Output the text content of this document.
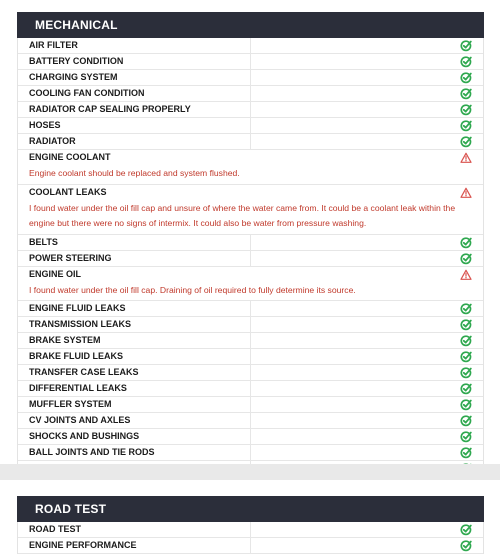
MECHANICAL
AIR FILTER
BATTERY CONDITION
CHARGING SYSTEM
COOLING FAN CONDITION
RADIATOR CAP SEALING PROPERLY
HOSES
RADIATOR
ENGINE COOLANT
Engine coolant should be replaced and system flushed.
COOLANT LEAKS
I found water under the oil fill cap and unsure of where the water came from. It could be a coolant leak within the engine but there were no signs of intermix. It could also be water from pressure washing.
BELTS
POWER STEERING
ENGINE OIL
I found water under the oil fill cap. Draining of oil required to fully determine its source.
ENGINE FLUID LEAKS
TRANSMISSION LEAKS
BRAKE SYSTEM
BRAKE FLUID LEAKS
TRANSFER CASE LEAKS
DIFFERENTIAL LEAKS
MUFFLER SYSTEM
CV JOINTS AND AXLES
SHOCKS AND BUSHINGS
BALL JOINTS AND TIE RODS
ROAD TEST
ROAD TEST
ENGINE PERFORMANCE
